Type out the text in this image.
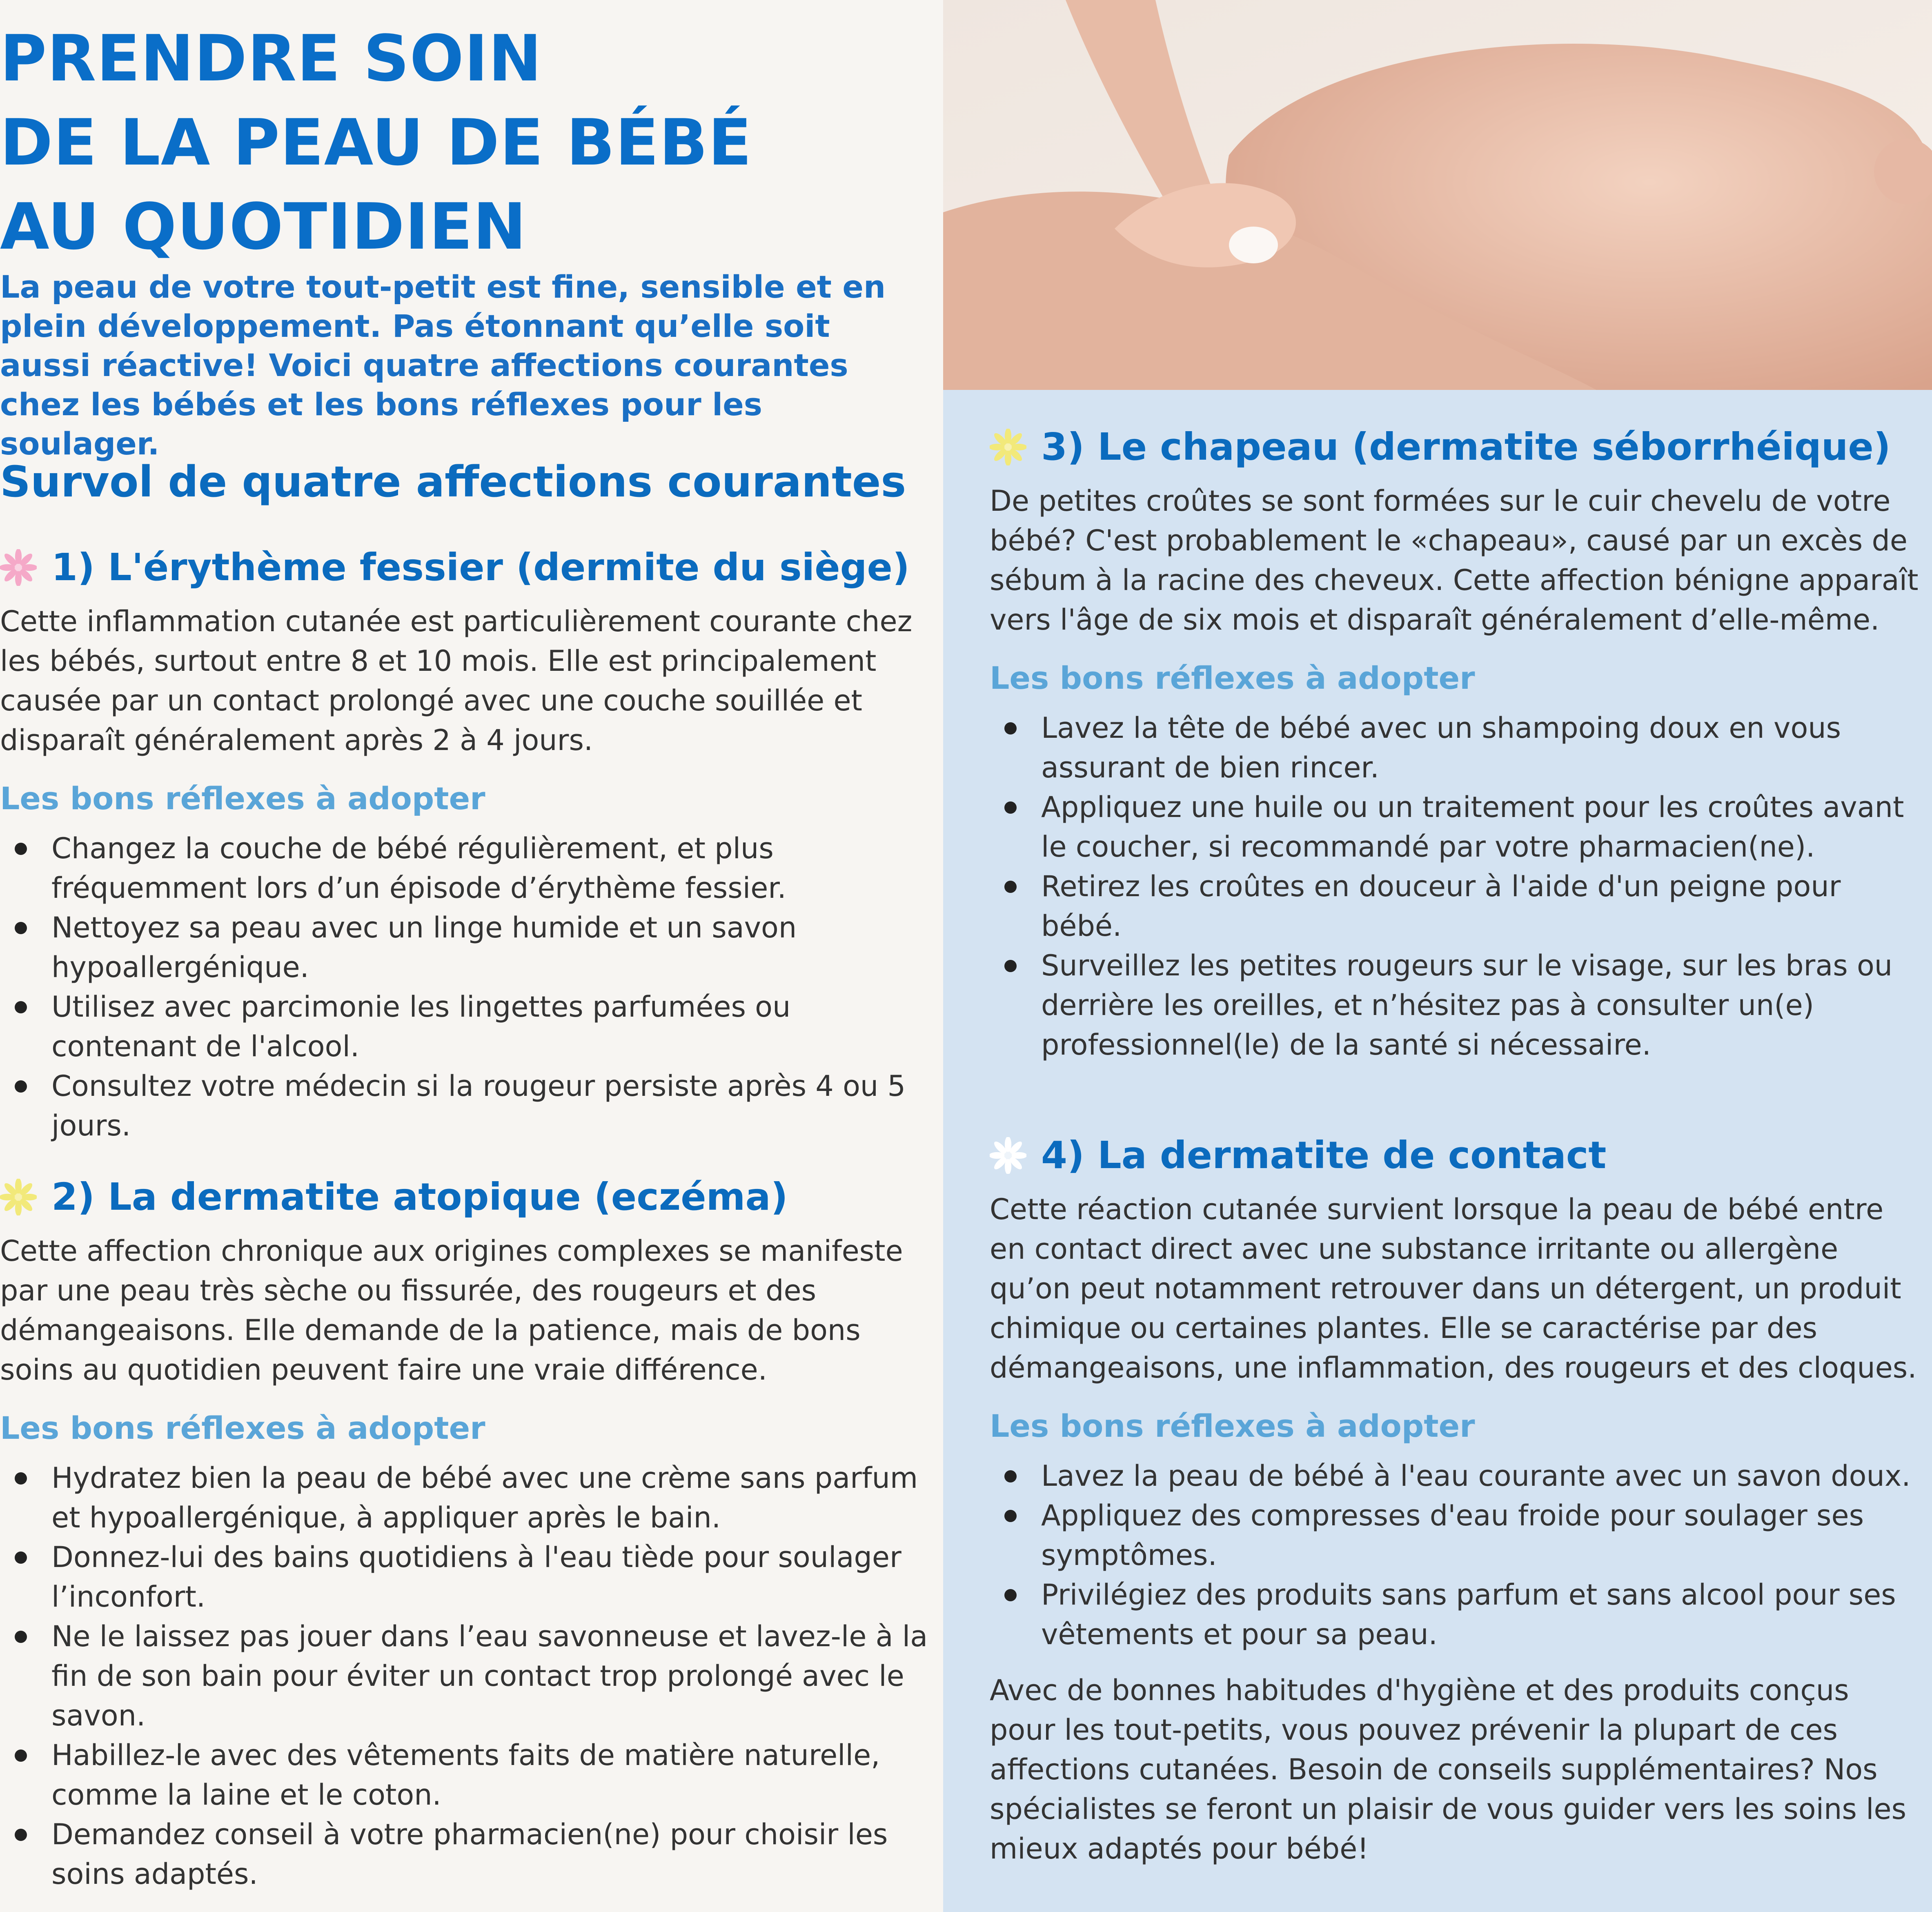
PRENDRE SOIN
DE LA PEAU DE BÉBÉ
AU QUOTIDIEN

La peau de votre tout-petit est fine, sensible et en plein développement. Pas étonnant qu’elle soit aussi réactive! Voici quatre affections courantes chez les bébés et les bons réflexes pour les soulager.

Survol de quatre affections courantes
1) L'érythème fessier (dermite du siège)

Cette inflammation cutanée est particulièrement courante chez les bébés, surtout entre 8 et 10 mois. Elle est principalement causée par un contact prolongé avec une couche souillée et disparaît généralement après 2 à 4 jours.

Les bons réflexes à adopter

Changez la couche de bébé régulièrement, et plus fréquemment lors d’un épisode d’érythème fessier.
Nettoyez sa peau avec un linge humide et un savon hypoallergénique.
Utilisez avec parcimonie les lingettes parfumées ou contenant de l'alcool.
Consultez votre médecin si la rougeur persiste après 4 ou 5 jours.
2) La dermatite atopique (eczéma)

Cette affection chronique aux origines complexes se manifeste par une peau très sèche ou fissurée, des rougeurs et des démangeaisons. Elle demande de la patience, mais de bons soins au quotidien peuvent faire une vraie différence.

Les bons réflexes à adopter

Hydratez bien la peau de bébé avec une crème sans parfum et hypoallergénique, à appliquer après le bain.
Donnez-lui des bains quotidiens à l'eau tiède pour soulager l’inconfort.
Ne le laissez pas jouer dans l’eau savonneuse et lavez-le à la fin de son bain pour éviter un contact trop prolongé avec le savon.
Habillez-le avec des vêtements faits de matière naturelle, comme la laine et le coton.
Demandez conseil à votre pharmacien(ne) pour choisir les soins adaptés.
3) Le chapeau (dermatite séborrhéique)

De petites croûtes se sont formées sur le cuir chevelu de votre bébé? C'est probablement le «chapeau», causé par un excès de sébum à la racine des cheveux. Cette affection bénigne apparaît vers l'âge de six mois et disparaît généralement d’elle-même.

Les bons réflexes à adopter

Lavez la tête de bébé avec un shampoing doux en vous assurant de bien rincer.
Appliquez une huile ou un traitement pour les croûtes avant le coucher, si recommandé par votre pharmacien(ne).
Retirez les croûtes en douceur à l'aide d'un peigne pour bébé.
Surveillez les petites rougeurs sur le visage, sur les bras ou derrière les oreilles, et n’hésitez pas à consulter un(e) professionnel(le) de la santé si nécessaire.
4) La dermatite de contact

Cette réaction cutanée survient lorsque la peau de bébé entre en contact direct avec une substance irritante ou allergène qu’on peut notamment retrouver dans un détergent, un produit chimique ou certaines plantes. Elle se caractérise par des démangeaisons, une inflammation, des rougeurs et des cloques.

Les bons réflexes à adopter

Lavez la peau de bébé à l'eau courante avec un savon doux.
Appliquez des compresses d'eau froide pour soulager ses symptômes.
Privilégiez des produits sans parfum et sans alcool pour ses vêtements et pour sa peau.

Avec de bonnes habitudes d'hygiène et des produits conçus pour les tout-petits, vous pouvez prévenir la plupart de ces affections cutanées. Besoin de conseils supplémentaires? Nos spécialistes se feront un plaisir de vous guider vers les soins les mieux adaptés pour bébé!
